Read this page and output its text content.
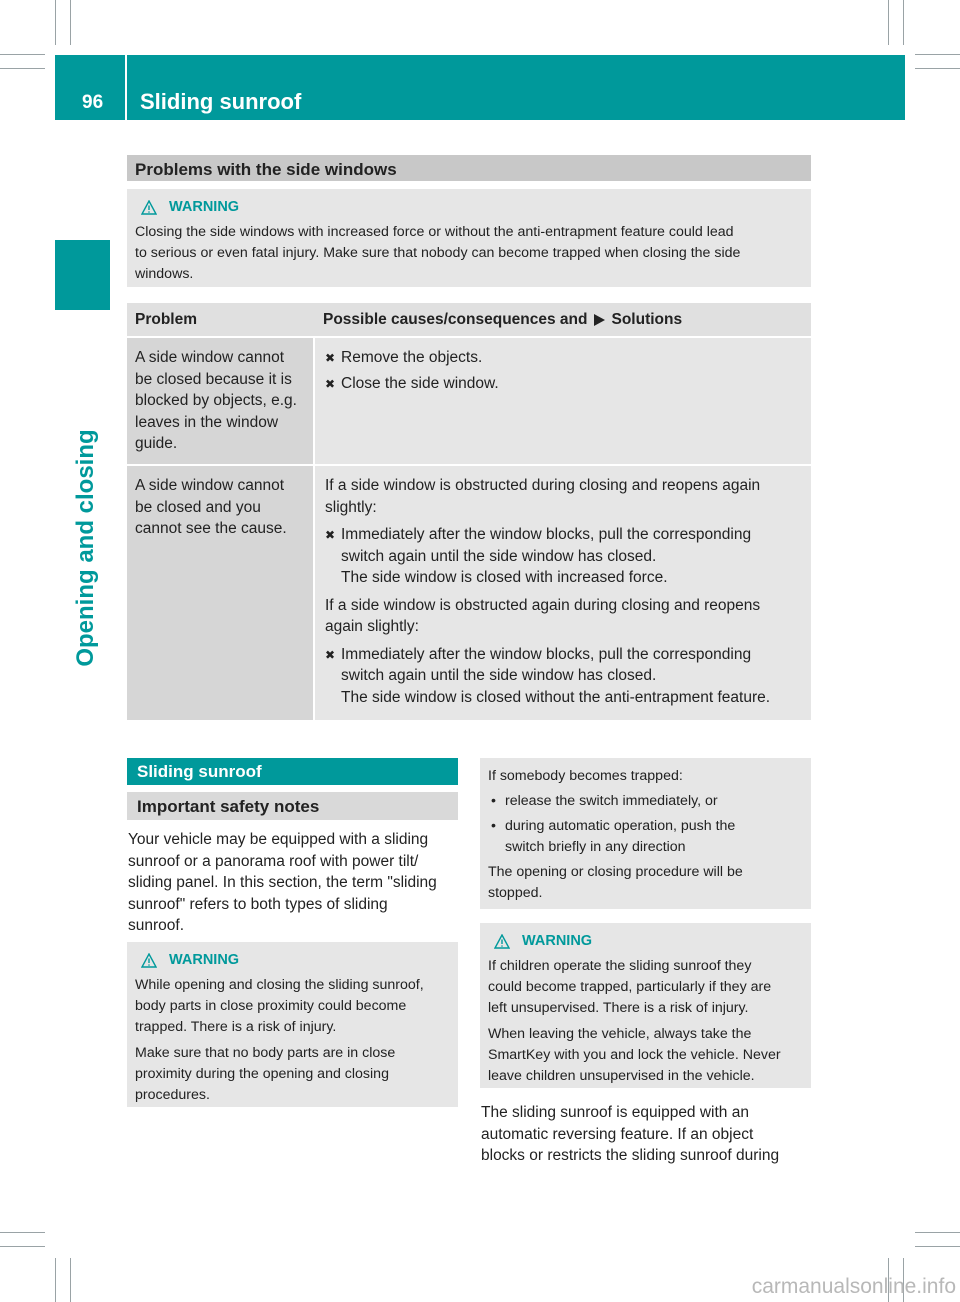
96 Sliding sunroof
Opening and closing
Problems with the side windows
WARNING
Closing the side windows with increased force or without the anti-entrapment feature could lead
to serious or even fatal injury. Make sure that nobody can become trapped when closing the side
windows.
Problem	Possible causes/consequences and Solutions
A side window cannot
be closed because it is
blocked by objects, e.g.
leaves in the window
guide.
✖ Remove the objects.
✖ Close the side window.
A side window cannot
be closed and you
cannot see the cause.
If a side window is obstructed during closing and reopens again
slightly:
✖ Immediately after the window blocks, pull the corresponding
switch again until the side window has closed.
The side window is closed with increased force.
If a side window is obstructed again during closing and reopens
again slightly:
✖ Immediately after the window blocks, pull the corresponding
switch again until the side window has closed.
The side window is closed without the anti-entrapment feature.
Sliding sunroof
Important safety notes
Your vehicle may be equipped with a sliding
sunroof or a panorama roof with power tilt/
sliding panel. In this section, the term "sliding
sunroof" refers to both types of sliding
sunroof.
WARNING
While opening and closing the sliding sunroof,
body parts in close proximity could become
trapped. There is a risk of injury.
Make sure that no body parts are in close
proximity during the opening and closing
procedures.
If somebody becomes trapped:
• release the switch immediately, or
• during automatic operation, push the
switch briefly in any direction
The opening or closing procedure will be
stopped.
WARNING
If children operate the sliding sunroof they
could become trapped, particularly if they are
left unsupervised. There is a risk of injury.
When leaving the vehicle, always take the
SmartKey with you and lock the vehicle. Never
leave children unsupervised in the vehicle.
The sliding sunroof is equipped with an
automatic reversing feature. If an object
blocks or restricts the sliding sunroof during
carmanualsonline.info
